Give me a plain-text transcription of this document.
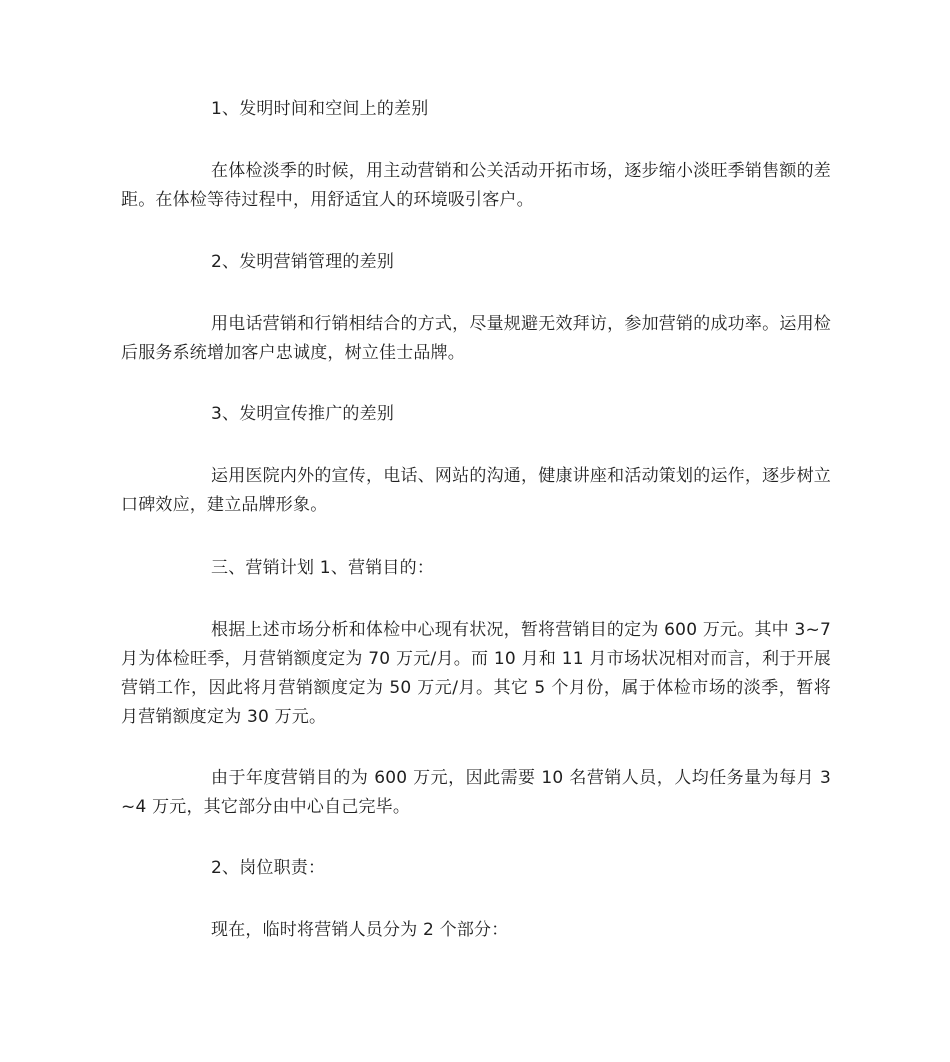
1、发明时间和空间上的差别

在体检淡季的时候，用主动营销和公关活动开拓市场，逐步缩小淡旺季销售额的差距。在体检等待过程中，用舒适宜人的环境吸引客户。

2、发明营销管理的差别

用电话营销和行销相结合的方式，尽量规避无效拜访，参加营销的成功率。运用检后服务系统增加客户忠诚度，树立佳士品牌。

3、发明宣传推广的差别

运用医院内外的宣传，电话、网站的沟通，健康讲座和活动策划的运作，逐步树立口碑效应，建立品牌形象。

三、营销计划 1、营销目的：

根据上述市场分析和体检中心现有状况，暂将营销目的定为 600 万元。其中 3~7 月为体检旺季，月营销额度定为 70 万元/月。而 10 月和 11 月市场状况相对而言，利于开展营销工作，因此将月营销额度定为 50 万元/月。其它 5 个月份，属于体检市场的淡季，暂将月营销额度定为 30 万元。

由于年度营销目的为 600 万元，因此需要 10 名营销人员，人均任务量为每月 3~4 万元，其它部分由中心自己完毕。

2、岗位职责：

现在，临时将营销人员分为 2 个部分：
